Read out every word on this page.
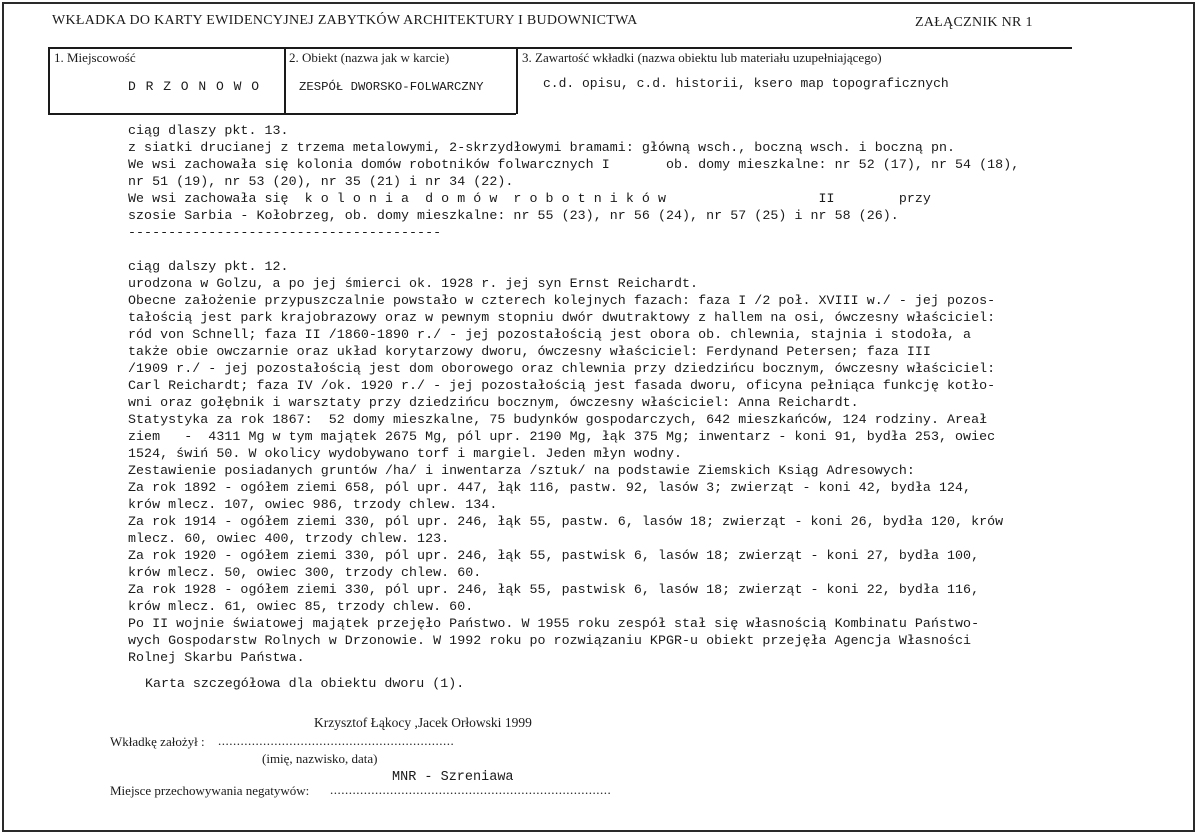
WKŁADKA DO KARTY EWIDENCYJNEJ ZABYTKÓW ARCHITEKTURY I BUDOWNICTWA	ZAŁĄCZNIK NR 1
1. Miejscowość
D R Z O N O W O
2. Obiekt (nazwa jak w karcie)
ZESPÓŁ DWORSKO-FOLWARCZNY
3. Zawartość wkładki (nazwa obiektu lub materiału uzupełniającego)
c.d. opisu, c.d. historii, ksero map topograficznych
ciąg dlaszy pkt. 13.
z siatki drucianej z trzema metalowymi, 2-skrzydłowymi bramami: główną wsch., boczną wsch. i boczną pn.
We wsi zachowała się kolonia domów robotników folwarcznych I       ob. domy mieszkalne: nr 52 (17), nr 54 (18),
nr 51 (19), nr 53 (20), nr 35 (21) i nr 34 (22).
We wsi zachowała się  k o l o n i a  d o m ó w  r o b o t n i k ó w                   II        przy
szosie Sarbia - Kołobrzeg, ob. domy mieszkalne: nr 55 (23), nr 56 (24), nr 57 (25) i nr 58 (26).
---------------------------------------
ciąg dalszy pkt. 12.
urodzona w Golzu, a po jej śmierci ok. 1928 r. jej syn Ernst Reichardt.
Obecne założenie przypuszczalnie powstało w czterech kolejnych fazach: faza I /2 poł. XVIII w./ - jej pozos-
tałością jest park krajobrazowy oraz w pewnym stopniu dwór dwutraktowy z hallem na osi, ówczesny właściciel:
ród von Schnell; faza II /1860-1890 r./ - jej pozostałością jest obora ob. chlewnia, stajnia i stodoła, a
także obie owczarnie oraz układ korytarzowy dworu, ówczesny właściciel: Ferdynand Petersen; faza III
/1909 r./ - jej pozostałością jest dom oborowego oraz chlewnia przy dziedzińcu bocznym, ówczesny właściciel:
Carl Reichardt; faza IV /ok. 1920 r./ - jej pozostałością jest fasada dworu, oficyna pełniąca funkcję kotło-
wni oraz gołębnik i warsztaty przy dziedzińcu bocznym, ówczesny właściciel: Anna Reichardt.
Statystyka za rok 1867:  52 domy mieszkalne, 75 budynków gospodarczych, 642 mieszkańców, 124 rodziny. Areał
ziem   -  4311 Mg w tym majątek 2675 Mg, pól upr. 2190 Mg, łąk 375 Mg; inwentarz - koni 91, bydła 253, owiec
1524, świń 50. W okolicy wydobywano torf i margiel. Jeden młyn wodny.
Zestawienie posiadanych gruntów /ha/ i inwentarza /sztuk/ na podstawie Ziemskich Ksiąg Adresowych:
Za rok 1892 - ogółem ziemi 658, pól upr. 447, łąk 116, pastw. 92, lasów 3; zwierząt - koni 42, bydła 124,
krów mlecz. 107, owiec 986, trzody chlew. 134.
Za rok 1914 - ogółem ziemi 330, pól upr. 246, łąk 55, pastw. 6, lasów 18; zwierząt - koni 26, bydła 120, krów
mlecz. 60, owiec 400, trzody chlew. 123.
Za rok 1920 - ogółem ziemi 330, pól upr. 246, łąk 55, pastwisk 6, lasów 18; zwierząt - koni 27, bydła 100,
krów mlecz. 50, owiec 300, trzody chlew. 60.
Za rok 1928 - ogółem ziemi 330, pól upr. 246, łąk 55, pastwisk 6, lasów 18; zwierząt - koni 22, bydła 116,
krów mlecz. 61, owiec 85, trzody chlew. 60.
Po II wojnie światowej majątek przejęło Państwo. W 1955 roku zespół stał się własnością Kombinatu Państwo-
wych Gospodarstw Rolnych w Drzonowie. W 1992 roku po rozwiązaniu KPGR-u obiekt przejęła Agencja Własności
Rolnej Skarbu Państwa.
Karta szczegółowa dla obiektu dworu (1).
Krzysztof Łąkocy ,Jacek Orłowski 1999
Wkładkę założył : ...............................................................
(imię, nazwisko, data)
MNR - Szreniawa
Miejsce przechowywania negatywów: ...........................................................................
